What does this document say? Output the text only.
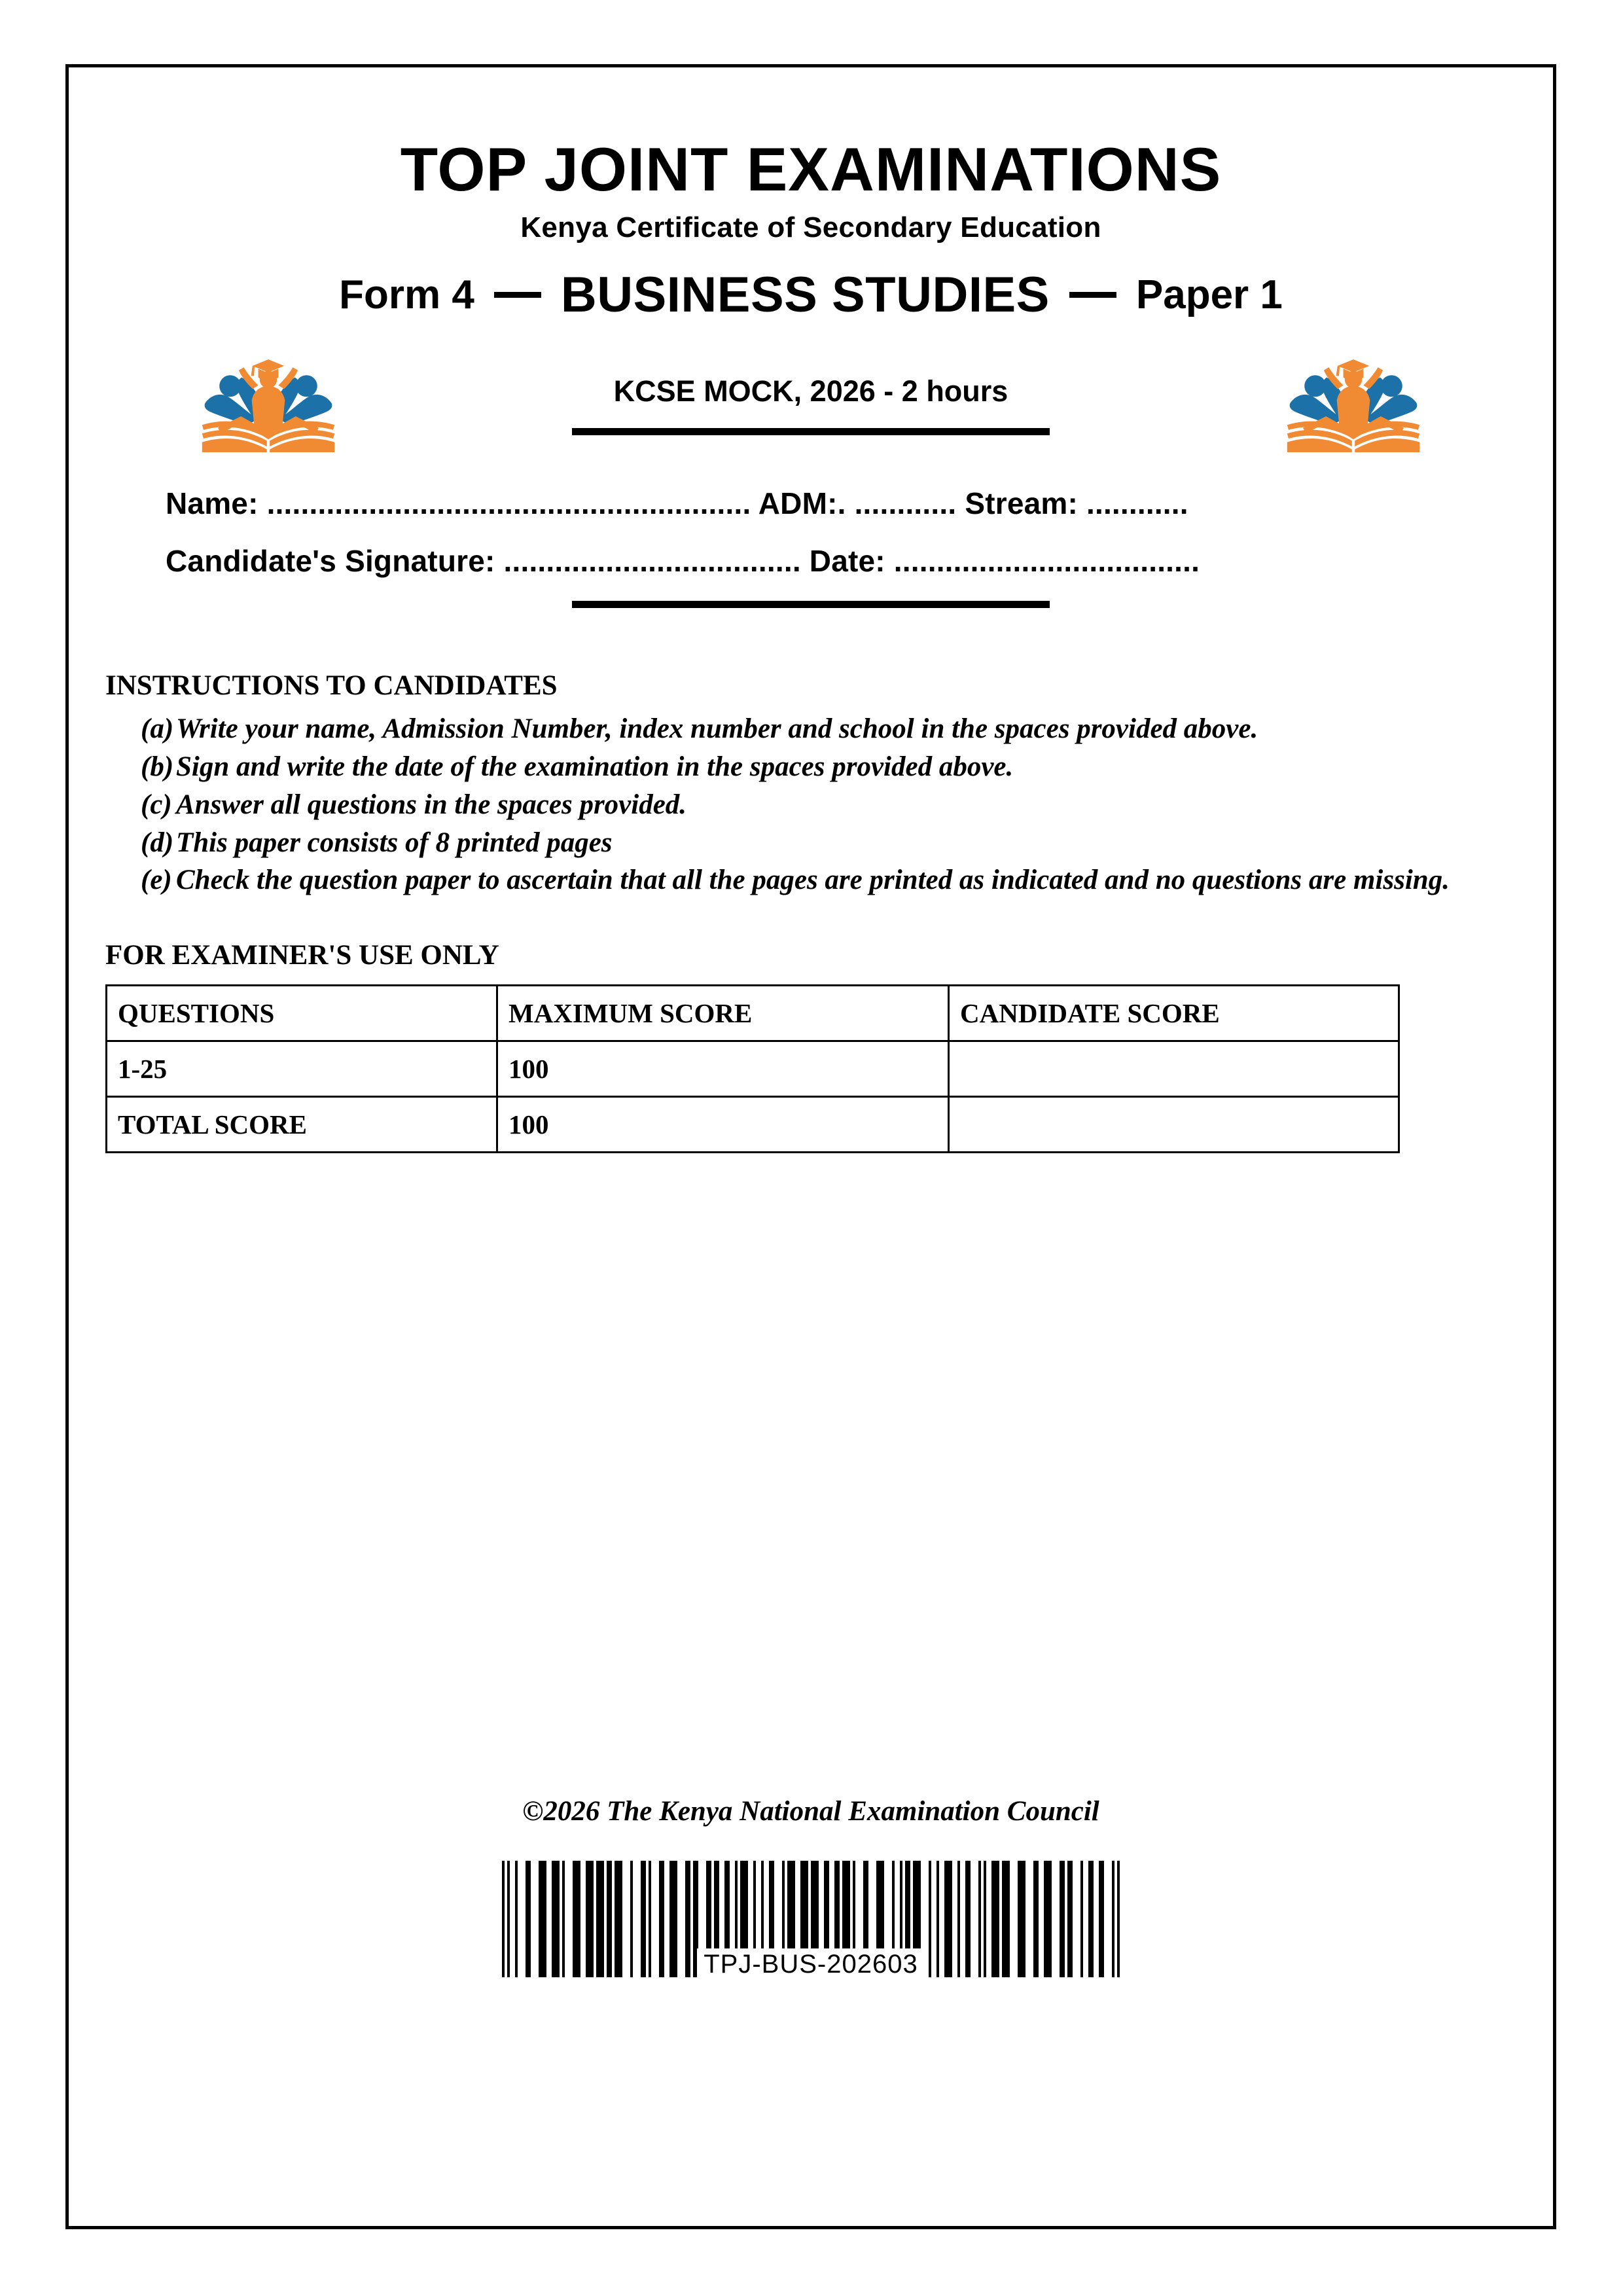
TOP JOINT EXAMINATIONS
Kenya Certificate of Secondary Education
Form 4 BUSINESS STUDIES Paper 1
KCSE MOCK, 2026 - 2 hours
Name: ......................................................... ADM:. ............ Stream: ............
Candidate's Signature: ................................... Date: ....................................
INSTRUCTIONS TO CANDIDATES
(a) Write your name, Admission Number, index number and school in the spaces provided above.
(b) Sign and write the date of the examination in the spaces provided above.
(c) Answer all questions in the spaces provided.
(d) This paper consists of 8 printed pages
(e) Check the question paper to ascertain that all the pages are printed as indicated and no questions are missing.
FOR EXAMINER'S USE ONLY
QUESTIONS	MAXIMUM SCORE	CANDIDATE SCORE
1-25	100	
TOTAL SCORE	100	
©2026 The Kenya National Examination Council
TPJ-BUS-202603
